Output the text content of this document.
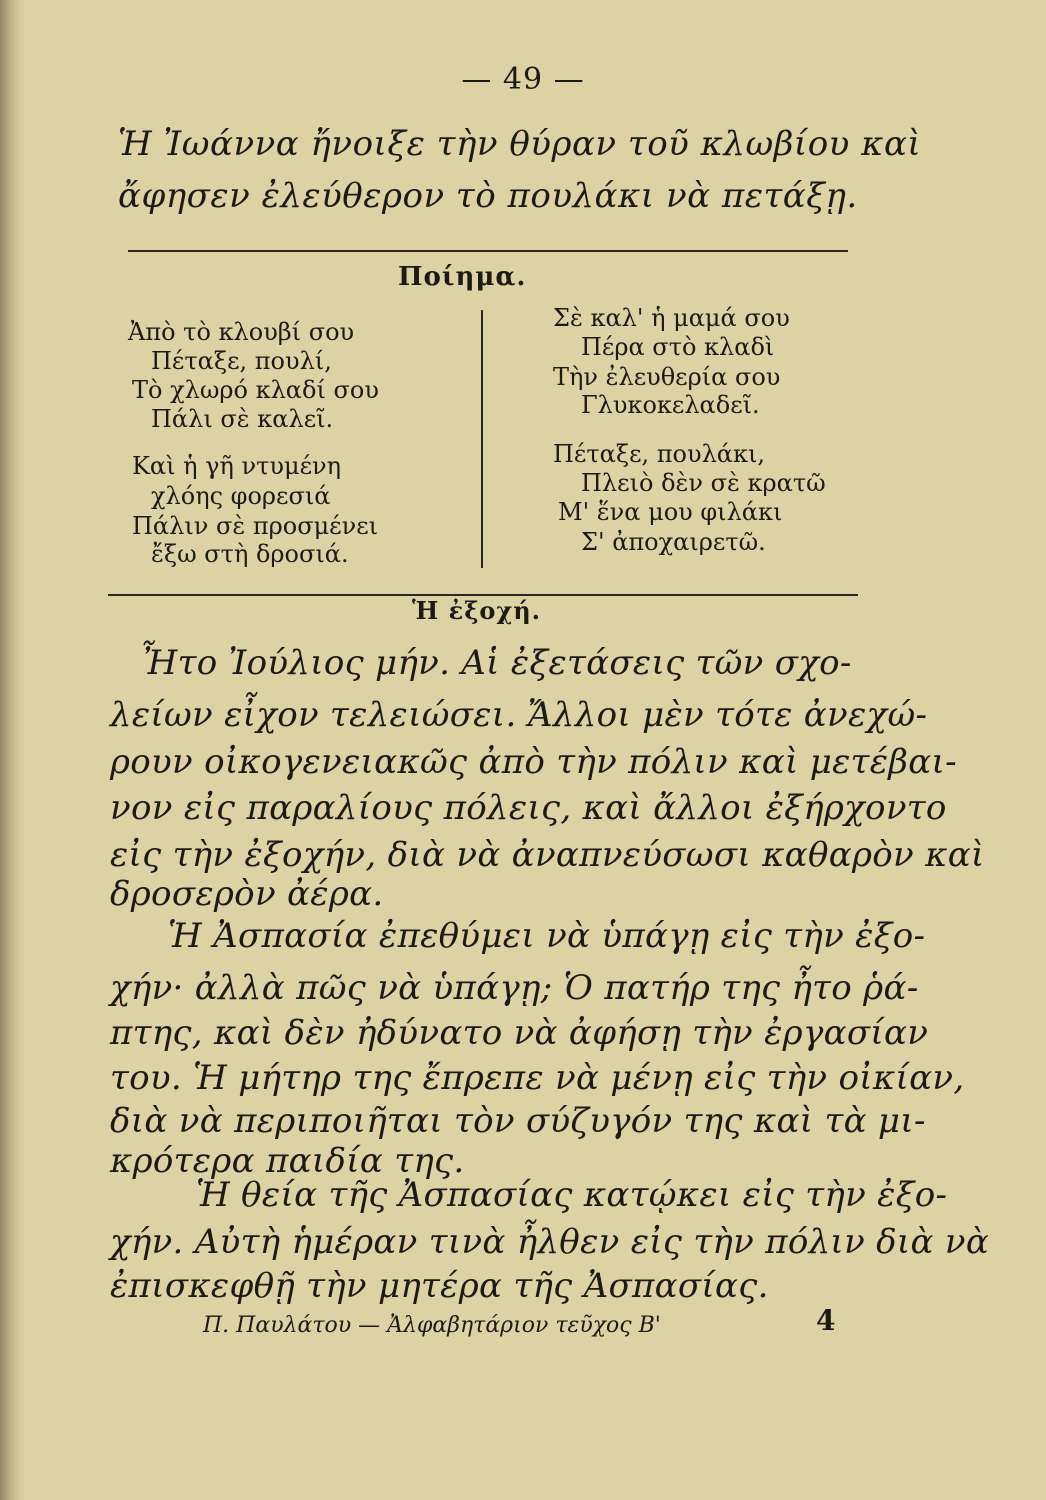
— 49 —
Ἡ Ἰωάννα ἤνοιξε τὴν θύραν τοῦ κλωβίου καὶ
ἄφησεν ἐλεύθερον τὸ πουλάκι νὰ πετάξῃ.
Ποίημα.
Ἀπὸ τὸ κλουβί σου
Πέταξε, πουλί,
Τὸ χλωρό κλαδί σου
Πάλι σὲ καλεῖ.
Καὶ ἡ γῆ ντυμένη
χλόης φορεσιά
Πάλιν σὲ προσμένει
ἔξω στὴ δροσιά.
Σὲ καλ' ἡ μαμά σου
Πέρα στὸ κλαδὶ
Τὴν ἐλευθερία σου
Γλυκοκελαδεῖ.
Πέταξε, πουλάκι,
Πλειὸ δὲν σὲ κρατῶ
Μ' ἕνα μου φιλάκι
Σ' ἀποχαιρετῶ.
Ἡ ἐξοχή.
Ἦτο Ἰούλιος μήν. Αἱ ἐξετάσεις τῶν σχο-
λείων εἶχον τελειώσει. Ἄλλοι μὲν τότε ἀνεχώ-
ρουν οἰκογενειακῶς ἀπὸ τὴν πόλιν καὶ μετέβαι-
νον εἰς παραλίους πόλεις, καὶ ἄλλοι ἐξήρχοντο
εἰς τὴν ἐξοχήν, διὰ νὰ ἀναπνεύσωσι καθαρὸν καὶ
δροσερὸν ἀέρα.
Ἡ Ἀσπασία ἐπεθύμει νὰ ὑπάγῃ εἰς τὴν ἐξο-
χήν· ἀλλὰ πῶς νὰ ὑπάγῃ; Ὁ πατήρ της ἦτο ῥά-
πτης, καὶ δὲν ἠδύνατο νὰ ἀφήσῃ τὴν ἐργασίαν
του. Ἡ μήτηρ της ἔπρεπε νὰ μένῃ εἰς τὴν οἰκίαν,
διὰ νὰ περιποιῆται τὸν σύζυγόν της καὶ τὰ μι-
κρότερα παιδία της.
Ἡ θεία τῆς Ἀσπασίας κατῴκει εἰς τὴν ἐξο-
χήν. Αὐτὴ ἡμέραν τινὰ ἦλθεν εἰς τὴν πόλιν διὰ νὰ
ἐπισκεφθῇ τὴν μητέρα τῆς Ἀσπασίας.
Π. Παυλάτου — Ἀλφαβητάριον τεῦχος Β'	4
